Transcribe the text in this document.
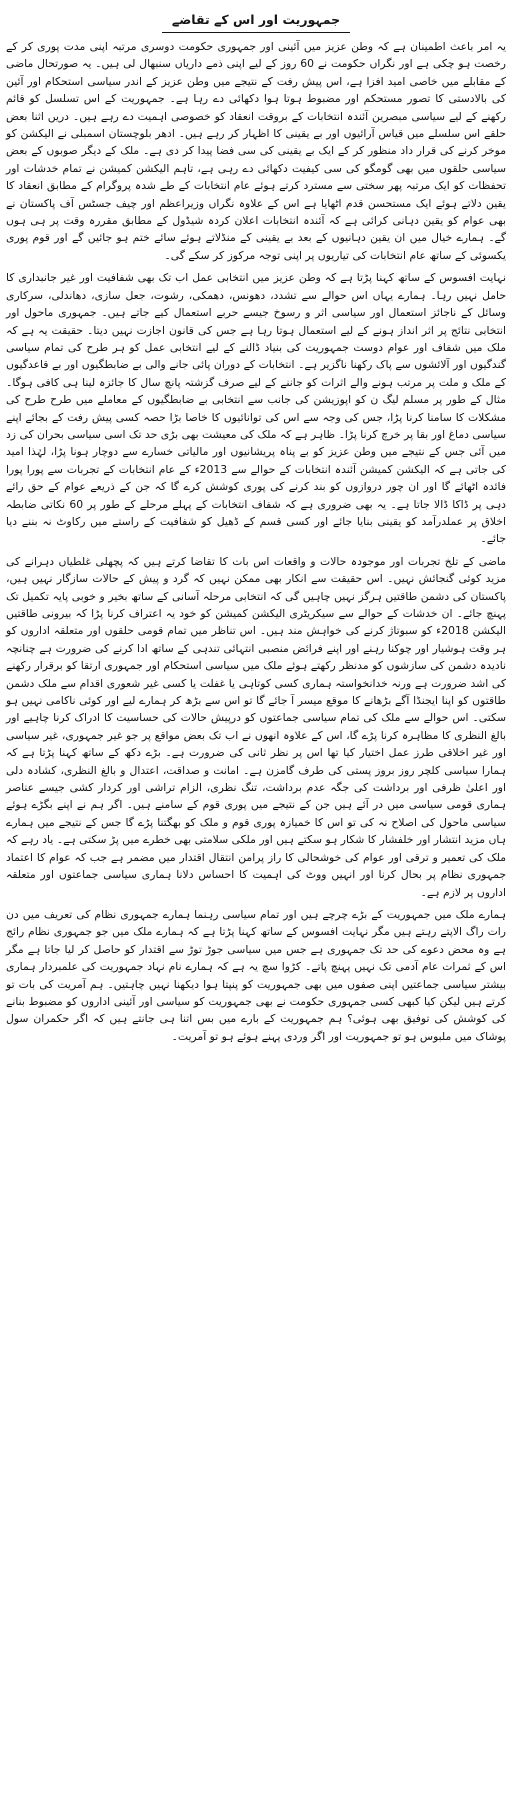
جمہوریت اور اس کے تقاضے

یہ امر باعث اطمینان ہے کہ وطن عزیز میں آئینی اور جمہوری حکومت دوسری مرتبہ اپنی مدت پوری کر کے رخصت ہو چکی ہے اور نگراں حکومت نے 60 روز کے لیے اپنی ذمے داریاں سنبھال لی ہیں۔ یہ صورتحال ماضی کے مقابلے میں خاصی امید افزا ہے، اس پیش رفت کے نتیجے میں وطن عزیز کے اندر سیاسی استحکام اور آئین کی بالادستی کا تصور مستحکم اور مضبوط ہوتا ہوا دکھائی دے رہا ہے۔ جمہوریت کے اس تسلسل کو قائم رکھنے کے لیے سیاسی مبصرین آئندہ انتخابات کے بروقت انعقاد کو خصوصی اہمیت دے رہے ہیں۔ دریں اثنا بعض حلقے اس سلسلے میں قیاس آرائیوں اور بے یقینی کا اظہار کر رہے ہیں۔ ادھر بلوچستان اسمبلی نے الیکشن کو موخر کرنے کی قرار داد منظور کر کے ایک بے یقینی کی سی فضا پیدا کر دی ہے۔ ملک کے دیگر صوبوں کے بعض سیاسی حلقوں میں بھی گومگو کی سی کیفیت دکھائی دے رہی ہے، تاہم الیکشن کمیشن نے تمام خدشات اور تحفظات کو ایک مرتبہ پھر سختی سے مسترد کرتے ہوئے عام انتخابات کے طے شدہ پروگرام کے مطابق انعقاد کا یقین دلاتے ہوئے ایک مستحسن قدم اٹھایا ہے اس کے علاوہ نگراں وزیراعظم اور چیف جسٹس آف پاکستان نے بھی عوام کو یقین دہانی کرائی ہے کہ آئندہ انتخابات اعلان کردہ شیڈول کے مطابق مقررہ وقت پر ہی ہوں گے۔ ہمارے خیال میں ان یقین دہانیوں کے بعد بے یقینی کے منڈلاتے ہوئے سائے ختم ہو جائیں گے اور قوم پوری یکسوئی کے ساتھ عام انتخابات کی تیاریوں پر اپنی توجہ مرکوز کر سکے گی۔

نہایت افسوس کے ساتھ کہنا پڑتا ہے کہ وطن عزیز میں انتخابی عمل اب تک بھی شفافیت اور غیر جانبداری کا حامل نہیں رہا۔ ہمارے یہاں اس حوالے سے تشدد، دھونس، دھمکی، رشوت، جعل سازی، دھاندلی، سرکاری وسائل کے ناجائز استعمال اور سیاسی اثر و رسوخ جیسے حربے استعمال کیے جاتے ہیں۔ جمہوری ماحول اور انتخابی نتائج پر اثر انداز ہونے کے لیے استعمال ہوتا رہا ہے جس کی قانون اجازت نہیں دیتا۔ حقیقت یہ ہے کہ ملک میں شفاف اور عوام دوست جمہوریت کی بنیاد ڈالنے کے لیے انتخابی عمل کو ہر طرح کی تمام سیاسی گندگیوں اور آلائشوں سے پاک رکھنا ناگزیر ہے۔ انتخابات کے دوران پائی جانے والی بے ضابطگیوں اور بے قاعدگیوں کے ملک و ملت پر مرتب ہونے والے اثرات کو جاننے کے لیے صرف گزشتہ پانچ سال کا جائزہ لینا ہی کافی ہوگا۔ مثال کے طور پر مسلم لیگ ن کو اپوزیشن کی جانب سے انتخابی بے ضابطگیوں کے معاملے میں طرح طرح کی مشکلات کا سامنا کرنا پڑا، جس کی وجہ سے اس کی توانائیوں کا خاصا بڑا حصہ کسی پیش رفت کے بجائے اپنے سیاسی دماغ اور بقا پر خرچ کرنا پڑا۔ ظاہر ہے کہ ملک کی معیشت بھی بڑی حد تک اسی سیاسی بحران کی زد میں آئی جس کے نتیجے میں وطن عزیز کو بے پناہ پریشانیوں اور مالیاتی خسارے سے دوچار ہونا پڑا، لہٰذا امید کی جاتی ہے کہ الیکشن کمیشن آئندہ انتخابات کے حوالے سے 2013ء کے عام انتخابات کے تجربات سے پورا پورا فائدہ اٹھائے گا اور ان چور دروازوں کو بند کرنے کی پوری کوشش کرے گا کہ جن کے ذریعے عوام کے حق رائے دہی پر ڈاکا ڈالا جاتا ہے۔ یہ بھی ضروری ہے کہ شفاف انتخابات کے پہلے مرحلے کے طور پر 60 نکاتی ضابطہ اخلاق پر عملدرآمد کو یقینی بنایا جائے اور کسی قسم کے ڈھیل کو شفافیت کے راستے میں رکاوٹ نہ بننے دیا جائے۔

ماضی کے تلخ تجربات اور موجودہ حالات و واقعات اس بات کا تقاضا کرتے ہیں کہ پچھلی غلطیاں دہرانے کی مزید کوئی گنجائش نہیں۔ اس حقیقت سے انکار بھی ممکن نہیں کہ گرد و پیش کے حالات سازگار نہیں ہیں، پاکستان کی دشمن طاقتیں ہرگز نہیں چاہیں گی کہ انتخابی مرحلہ آسانی کے ساتھ بخیر و خوبی پایہ تکمیل تک پہنچ جائے۔ ان خدشات کے حوالے سے سیکریٹری الیکشن کمیشن کو خود یہ اعتراف کرنا پڑا کہ بیرونی طاقتیں الیکشن 2018ء کو سبوتاژ کرنے کی خواہش مند ہیں۔ اس تناظر میں تمام قومی حلقوں اور متعلقہ اداروں کو ہر وقت ہوشیار اور چوکنا رہنے اور اپنے فرائض منصبی انتہائی تندہی کے ساتھ ادا کرنے کی ضرورت ہے چنانچہ نادیدہ دشمن کی سازشوں کو مدنظر رکھتے ہوئے ملک میں سیاسی استحکام اور جمہوری ارتقا کو برقرار رکھنے کی اشد ضرورت ہے ورنہ خدانخواستہ ہماری کسی کوتاہی یا غفلت یا کسی غیر شعوری اقدام سے ملک دشمن طاقتوں کو اپنا ایجنڈا آگے بڑھانے کا موقع میسر آ جائے گا تو اس سے بڑھ کر ہمارے لیے اور کوئی ناکامی نہیں ہو سکتی۔ اس حوالے سے ملک کی تمام سیاسی جماعتوں کو درپیش حالات کی حساسیت کا ادراک کرنا چاہیے اور بالغ النظری کا مظاہرہ کرنا پڑے گا، اس کے علاوہ انھوں نے اب تک بعض مواقع پر جو غیر جمہوری، غیر سیاسی اور غیر اخلاقی طرز عمل اختیار کیا تھا اس پر نظر ثانی کی ضرورت ہے۔ بڑے دکھ کے ساتھ کہنا پڑتا ہے کہ ہمارا سیاسی کلچر روز بروز پستی کی طرف گامزن ہے۔ امانت و صداقت، اعتدال و بالغ النظری، کشادہ دلی اور اعلیٰ ظرفی اور برداشت کی جگہ عدم برداشت، تنگ نظری، الزام تراشی اور کردار کشی جیسے عناصر ہماری قومی سیاسی میں در آئے ہیں جن کے نتیجے میں پوری قوم کے سامنے ہیں۔ اگر ہم نے اپنے بگڑے ہوئے سیاسی ماحول کی اصلاح نہ کی تو اس کا خمیازہ پوری قوم و ملک کو بھگتنا پڑے گا جس کے نتیجے میں ہمارے ہاں مزید انتشار اور خلفشار کا شکار ہو سکتے ہیں اور ملکی سلامتی بھی خطرے میں پڑ سکتی ہے۔ یاد رہے کہ ملک کی تعمیر و ترقی اور عوام کی خوشحالی کا راز پرامن انتقال اقتدار میں مضمر ہے جب کہ عوام کا اعتماد جمہوری نظام پر بحال کرنا اور انہیں ووٹ کی اہمیت کا احساس دلانا ہماری سیاسی جماعتوں اور متعلقہ اداروں پر لازم ہے۔

ہمارے ملک میں جمہوریت کے بڑے چرچے ہیں اور تمام سیاسی رہنما ہمارے جمہوری نظام کی تعریف میں دن رات راگ الاپتے رہتے ہیں مگر نہایت افسوس کے ساتھ کہنا پڑتا ہے کہ ہمارے ملک میں جو جمہوری نظام رائج ہے وہ محض دعوے کی حد تک جمہوری ہے جس میں سیاسی جوڑ توڑ سے اقتدار کو حاصل کر لیا جاتا ہے مگر اس کے ثمرات عام آدمی تک نہیں پہنچ پاتے۔ کڑوا سچ یہ ہے کہ ہمارے نام نہاد جمہوریت کی علمبردار ہماری بیشتر سیاسی جماعتیں اپنی صفوں میں بھی جمہوریت کو پنپتا ہوا دیکھنا نہیں چاہتیں۔ ہم آمریت کی بات تو کرتے ہیں لیکن کیا کبھی کسی جمہوری حکومت نے بھی جمہوریت کو سیاسی اور آئینی اداروں کو مضبوط بنانے کی کوشش کی توفیق بھی ہوئی؟ ہم جمہوریت کے بارے میں بس اتنا ہی جانتے ہیں کہ اگر حکمران سول پوشاک میں ملبوس ہو تو جمہوریت اور اگر وردی پہنے ہوئے ہو تو آمریت۔
